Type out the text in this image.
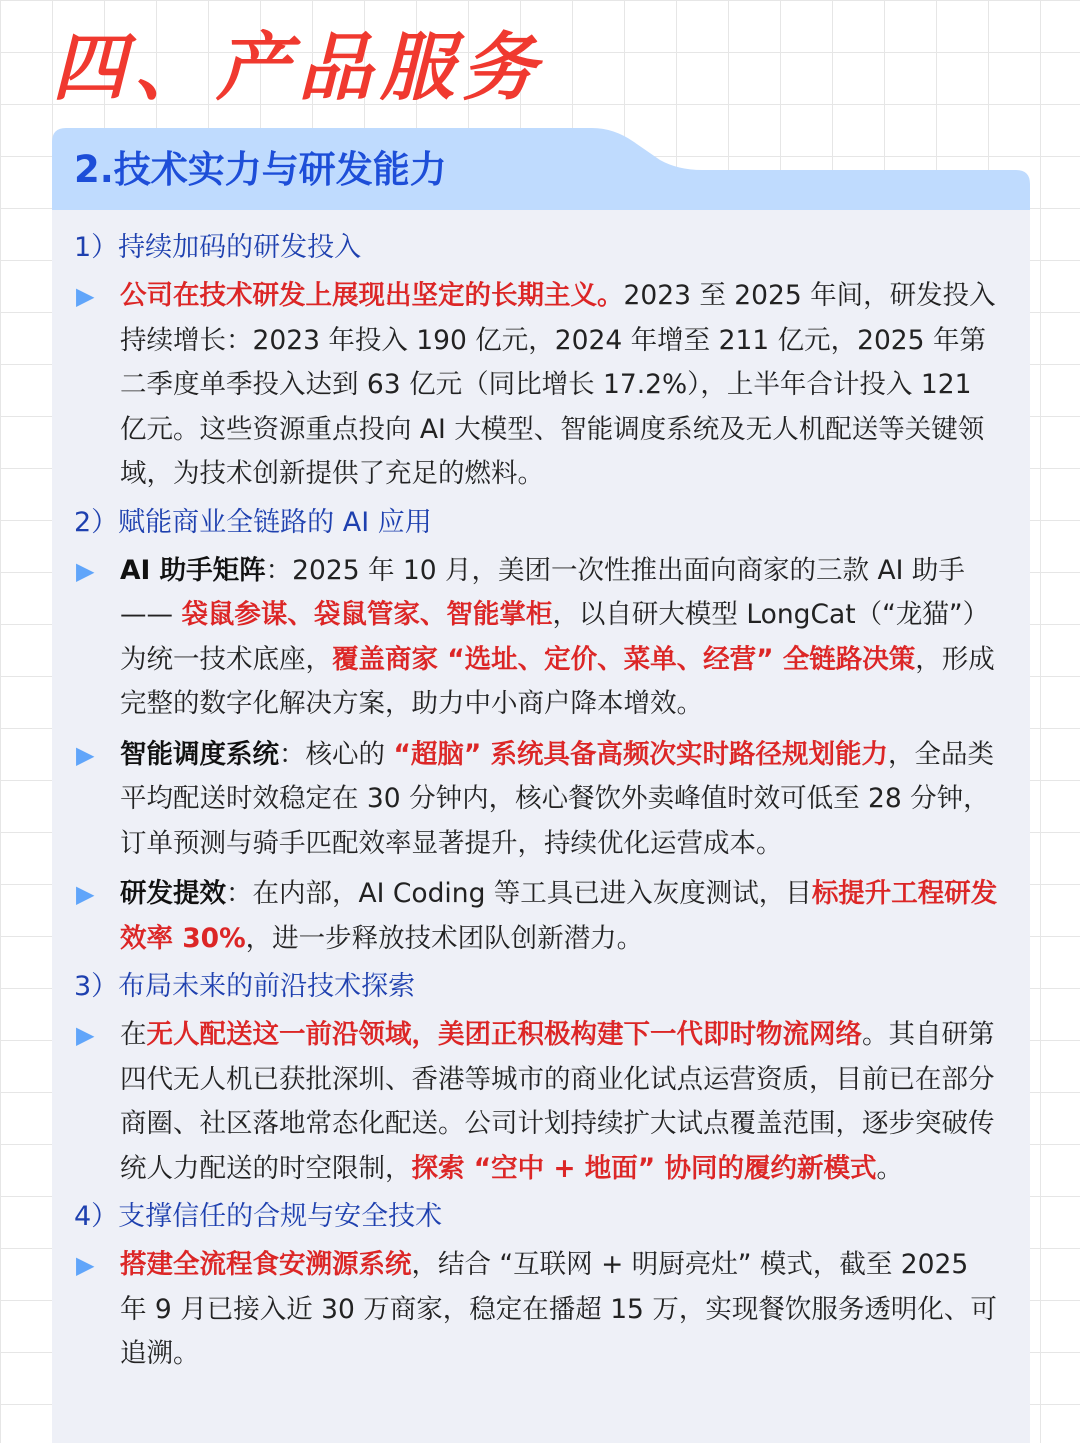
四、产品服务
2.技术实力与研发能力
1）持续加码的研发投入
▶ 公司在技术研发上展现出坚定的长期主义。2023 至 2025 年间，研发投入持续增长：2023 年投入 190 亿元，2024 年增至 211 亿元，2025 年第二季度单季投入达到 63 亿元（同比增长 17.2%），上半年合计投入 121 亿元。这些资源重点投向 AI 大模型、智能调度系统及无人机配送等关键领域，为技术创新提供了充足的燃料。
2）赋能商业全链路的 AI 应用
▶ AI 助手矩阵：2025 年 10 月，美团一次性推出面向商家的三款 AI 助手 —— 袋鼠参谋、袋鼠管家、智能掌柜，以自研大模型 LongCat（“龙猫”）为统一技术底座，覆盖商家 “选址、定价、菜单、经营” 全链路决策，形成完整的数字化解决方案，助力中小商户降本增效。
▶ 智能调度系统：核心的 “超脑” 系统具备高频次实时路径规划能力，全品类平均配送时效稳定在 30 分钟内，核心餐饮外卖峰值时效可低至 28 分钟，订单预测与骑手匹配效率显著提升，持续优化运营成本。
▶ 研发提效：在内部，AI Coding 等工具已进入灰度测试，目标提升工程研发效率 30%，进一步释放技术团队创新潜力。
3）布局未来的前沿技术探索
▶ 在无人配送这一前沿领域，美团正积极构建下一代即时物流网络。其自研第四代无人机已获批深圳、香港等城市的商业化试点运营资质，目前已在部分商圈、社区落地常态化配送。公司计划持续扩大试点覆盖范围，逐步突破传统人力配送的时空限制，探索 “空中 + 地面” 协同的履约新模式。
4）支撑信任的合规与安全技术
▶ 搭建全流程食安溯源系统，结合 “互联网 + 明厨亮灶” 模式，截至 2025 年 9 月已接入近 30 万商家，稳定在播超 15 万，实现餐饮服务透明化、可追溯。
